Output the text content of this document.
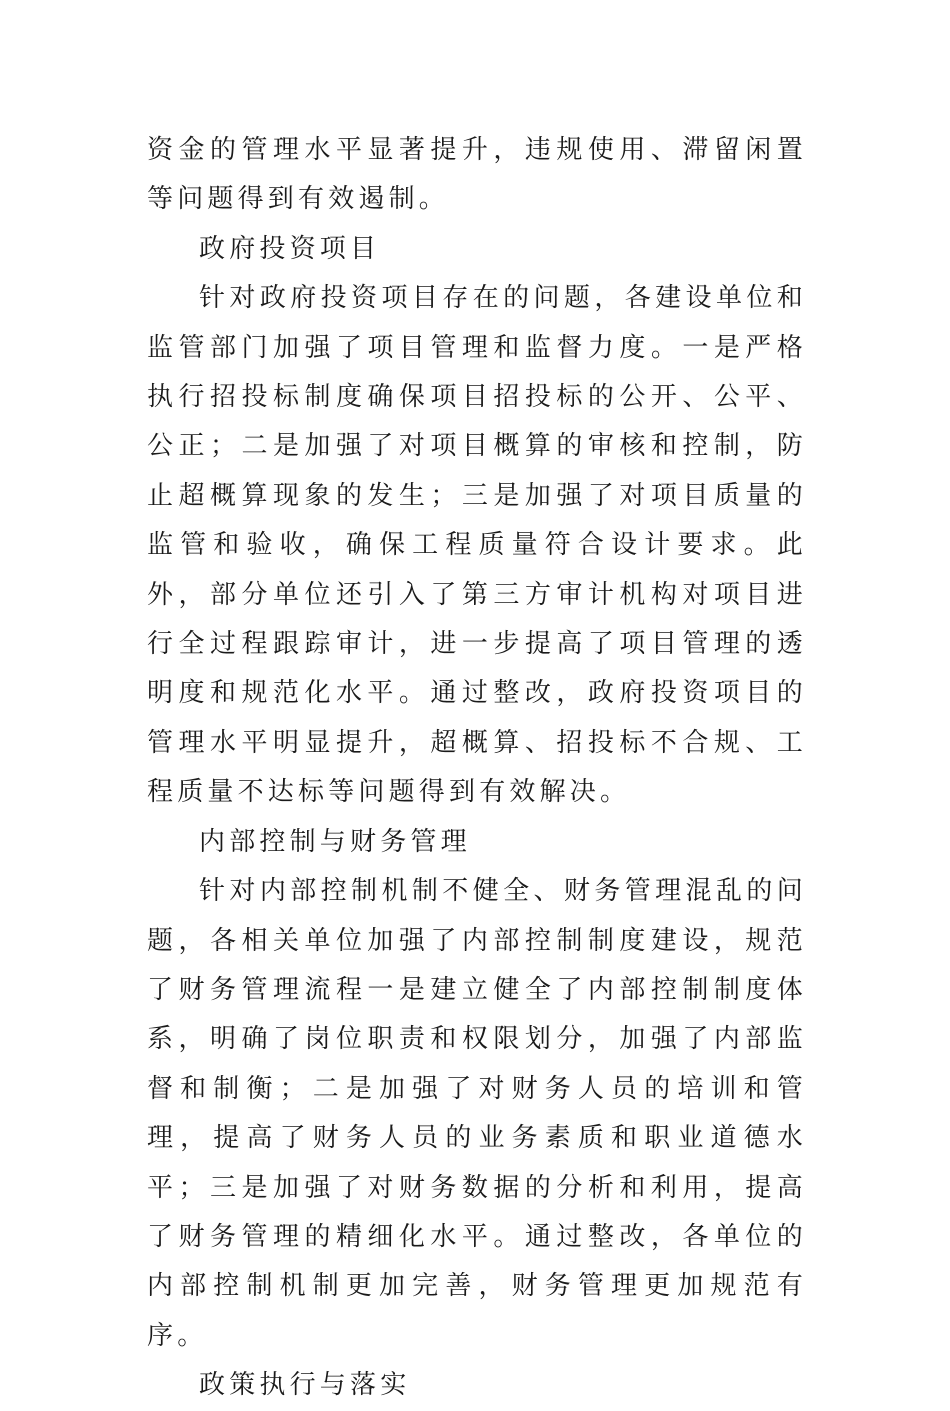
资金的管理水平显著提升，违规使用、滞留闲置等问题得到有效遏制。

政府投资项目

针对政府投资项目存在的问题，各建设单位和监管部门加强了项目管理和监督力度。一是严格执行招投标制度确保项目招投标的公开、公平、公正；二是加强了对项目概算的审核和控制，防止超概算现象的发生；三是加强了对项目质量的监管和验收，确保工程质量符合设计要求。此外，部分单位还引入了第三方审计机构对项目进行全过程跟踪审计，进一步提高了项目管理的透明度和规范化水平。通过整改，政府投资项目的管理水平明显提升，超概算、招投标不合规、工程质量不达标等问题得到有效解决。

内部控制与财务管理

针对内部控制机制不健全、财务管理混乱的问题，各相关单位加强了内部控制制度建设，规范了财务管理流程一是建立健全了内部控制制度体系，明确了岗位职责和权限划分，加强了内部监督和制衡；二是加强了对财务人员的培训和管理，提高了财务人员的业务素质和职业道德水平；三是加强了对财务数据的分析和利用，提高了财务管理的精细化水平。通过整改，各单位的内部控制机制更加完善，财务管理更加规范有序。

政策执行与落实
